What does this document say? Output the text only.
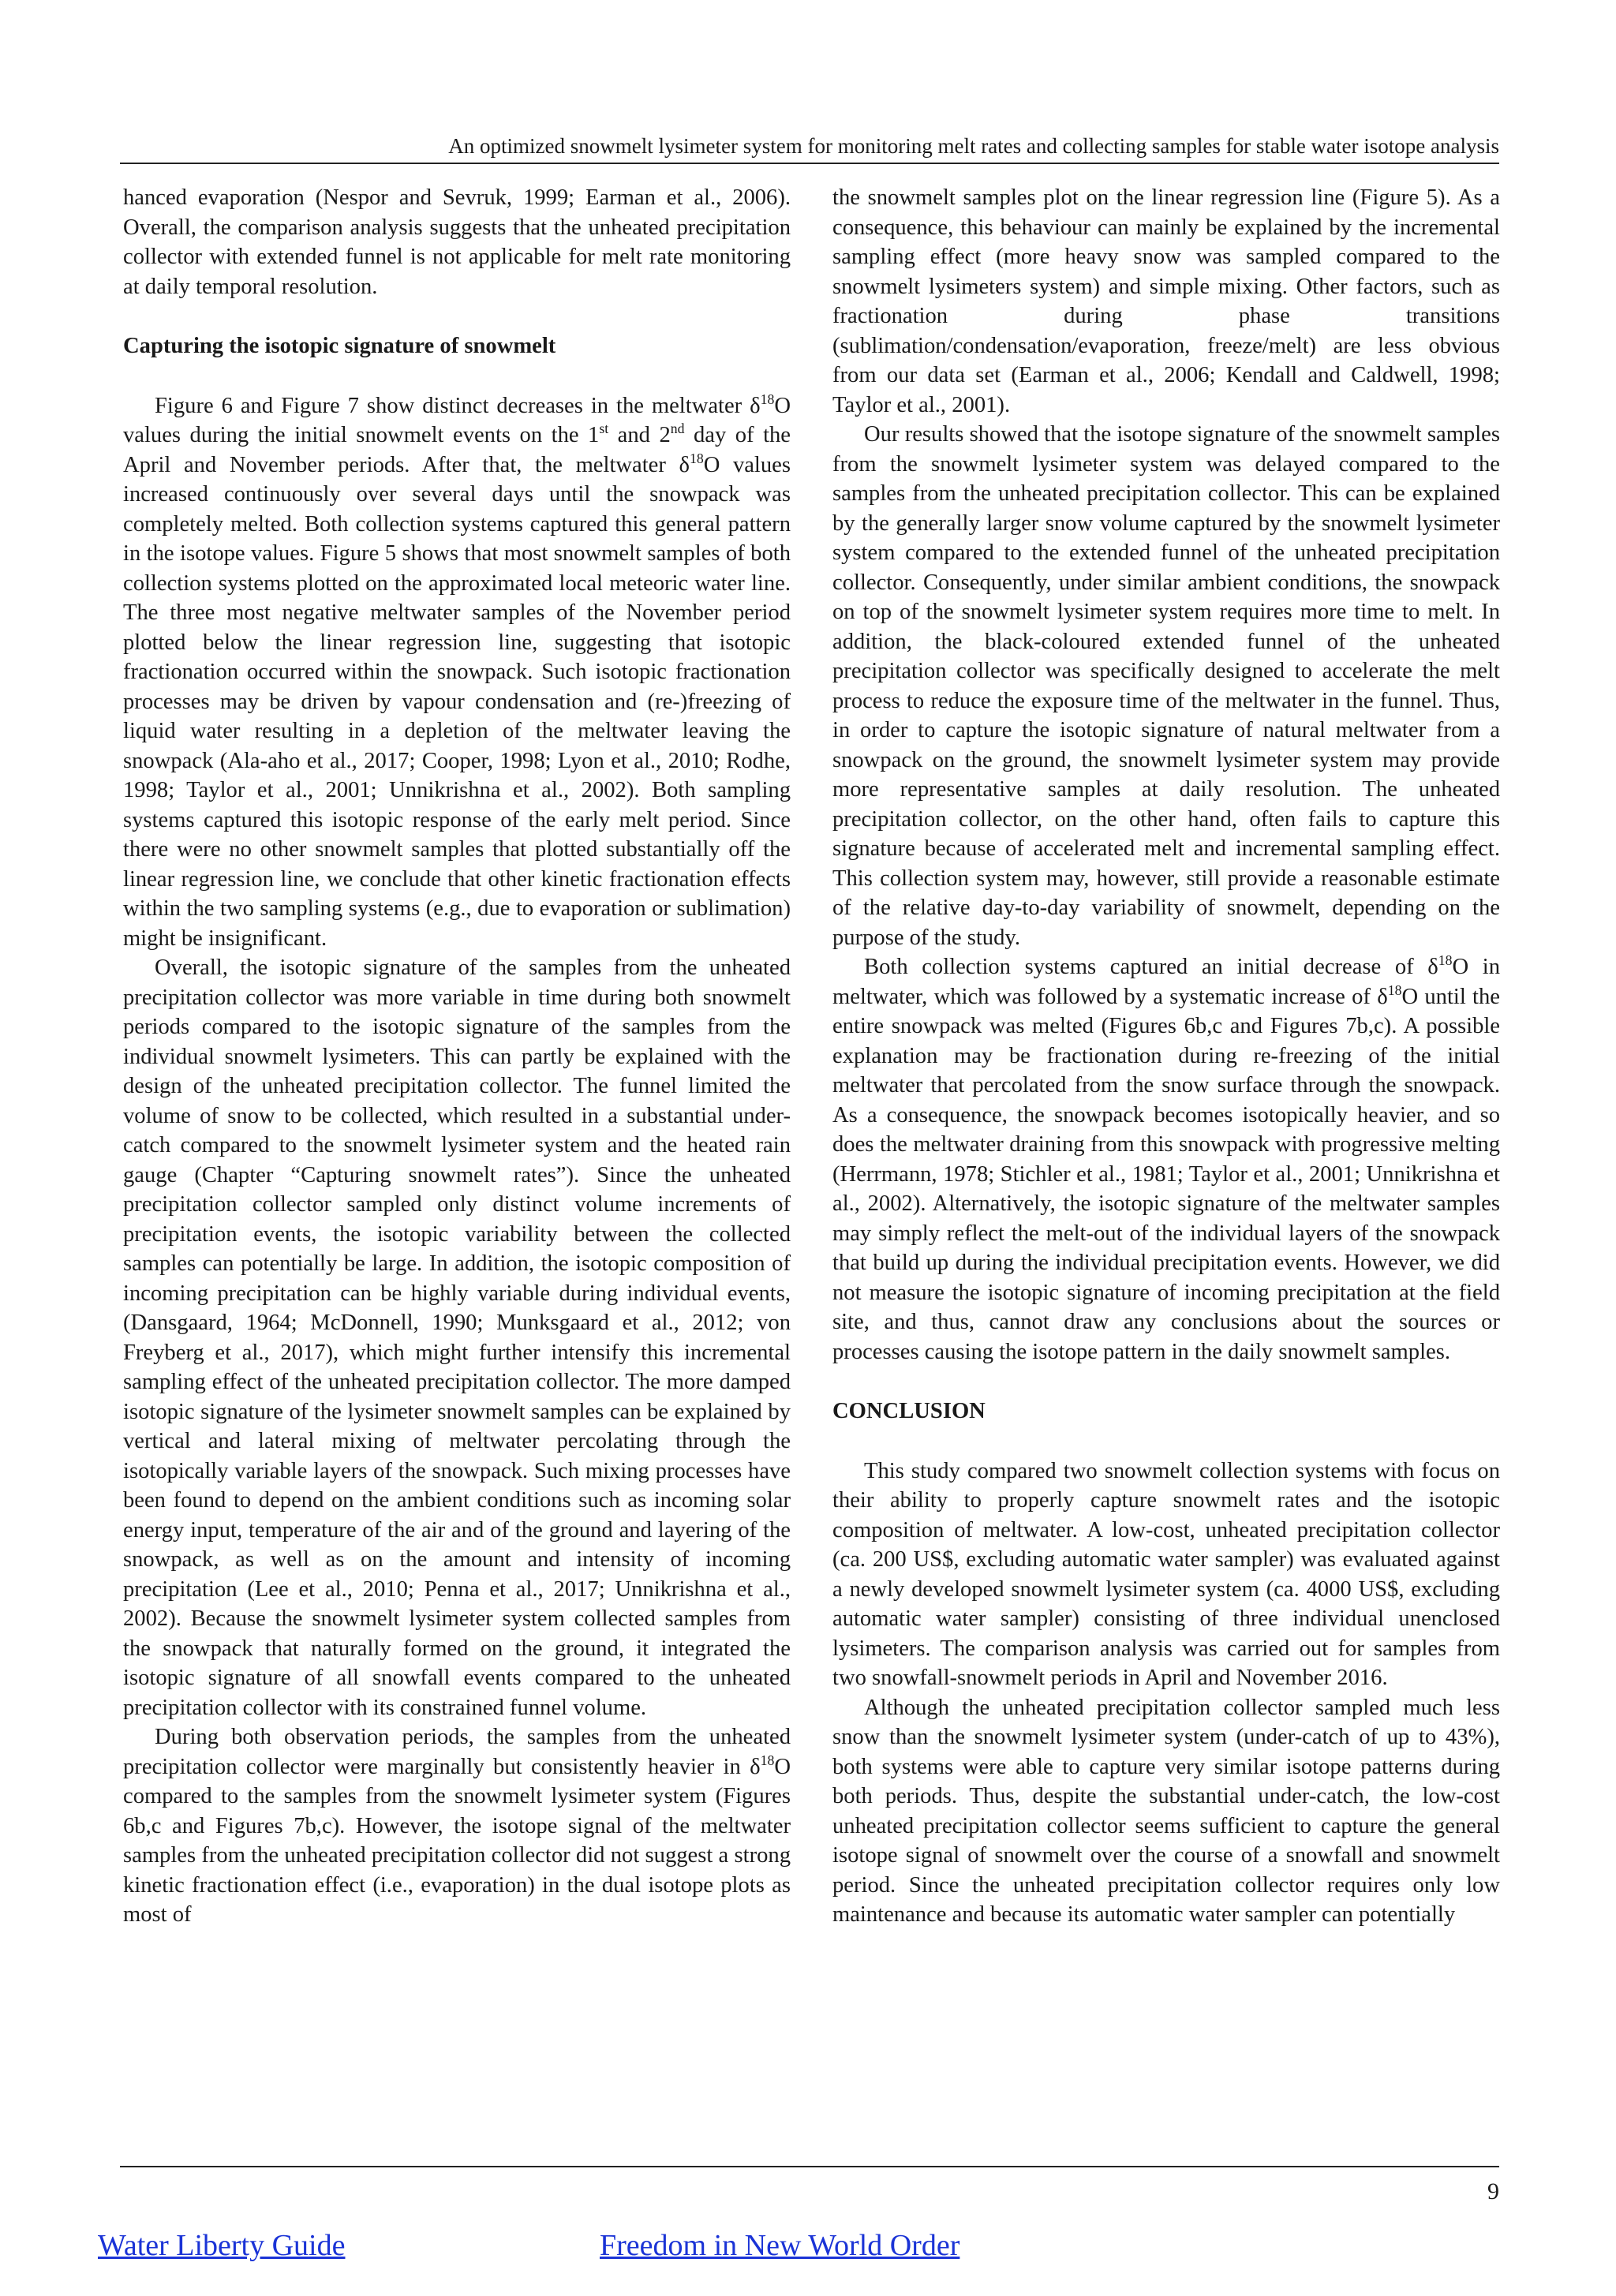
An optimized snowmelt lysimeter system for monitoring melt rates and collecting samples for stable water isotope analysis

hanced evaporation (Nespor and Sevruk, 1999; Earman et al., 2006). Overall, the comparison analysis suggests that the unheated precipitation collector with extended funnel is not applicable for melt rate monitoring at daily temporal resolution.

Capturing the isotopic signature of snowmelt

Figure 6 and Figure 7 show distinct decreases in the meltwater $\delta^{18}O$ values during the initial snowmelt events on the 1st and 2nd day of the April and November periods. After that, the meltwater $\delta^{18}O$ values increased continuously over several days until the snowpack was completely melted. Both collection systems captured this general pattern in the isotope values. Figure 5 shows that most snowmelt samples of both collection systems plotted on the approximated local meteoric water line. The three most negative meltwater samples of the November period plotted below the linear regression line, suggesting that isotopic fractionation occurred within the snowpack. Such isotopic fractionation processes may be driven by vapour condensation and (re-)freezing of liquid water resulting in a depletion of the meltwater leaving the snowpack (Ala-aho et al., 2017; Cooper, 1998; Lyon et al., 2010; Rodhe, 1998; Taylor et al., 2001; Unnikrishna et al., 2002). Both sampling systems captured this isotopic response of the early melt period. Since there were no other snowmelt samples that plotted substantially off the linear regression line, we conclude that other kinetic fractionation effects within the two sampling systems (e.g., due to evaporation or sublimation) might be insignificant.

Overall, the isotopic signature of the samples from the unheated precipitation collector was more variable in time during both snowmelt periods compared to the isotopic signature of the samples from the individual snowmelt lysimeters. This can partly be explained with the design of the unheated precipitation collector. The funnel limited the volume of snow to be collected, which resulted in a substantial under-catch compared to the snowmelt lysimeter system and the heated rain gauge (Chapter “Capturing snowmelt rates”). Since the unheated precipitation collector sampled only distinct volume increments of precipitation events, the isotopic variability between the collected samples can potentially be large. In addition, the isotopic composition of incoming precipitation can be highly variable during individual events, (Dansgaard, 1964; McDonnell, 1990; Munksgaard et al., 2012; von Freyberg et al., 2017), which might further intensify this incremental sampling effect of the unheated precipitation collector. The more damped isotopic signature of the lysimeter snowmelt samples can be explained by vertical and lateral mixing of meltwater percolating through the isotopically variable layers of the snowpack. Such mixing processes have been found to depend on the ambient conditions such as incoming solar energy input, temperature of the air and of the ground and layering of the snowpack, as well as on the amount and intensity of incoming precipitation (Lee et al., 2010; Penna et al., 2017; Unnikrishna et al., 2002). Because the snowmelt lysimeter system collected samples from the snowpack that naturally formed on the ground, it integrated the isotopic signature of all snowfall events compared to the unheated precipitation collector with its constrained funnel volume.

During both observation periods, the samples from the unheated precipitation collector were marginally but consistently heavier in $\delta^{18}O$ compared to the samples from the snowmelt lysimeter system (Figures 6b,c and Figures 7b,c). However, the isotope signal of the meltwater samples from the unheated precipitation collector did not suggest a strong kinetic fractionation effect (i.e., evaporation) in the dual isotope plots as most of

the snowmelt samples plot on the linear regression line (Figure 5). As a consequence, this behaviour can mainly be explained by the incremental sampling effect (more heavy snow was sampled compared to the snowmelt lysimeters system) and simple mixing. Other factors, such as fractionation during phase transitions (sublimation/condensation/evaporation, freeze/melt) are less obvious from our data set (Earman et al., 2006; Kendall and Caldwell, 1998; Taylor et al., 2001).

Our results showed that the isotope signature of the snowmelt samples from the snowmelt lysimeter system was delayed compared to the samples from the unheated precipitation collector. This can be explained by the generally larger snow volume captured by the snowmelt lysimeter system compared to the extended funnel of the unheated precipitation collector. Consequently, under similar ambient conditions, the snowpack on top of the snowmelt lysimeter system requires more time to melt. In addition, the black-coloured extended funnel of the unheated precipitation collector was specifically designed to accelerate the melt process to reduce the exposure time of the meltwater in the funnel. Thus, in order to capture the isotopic signature of natural meltwater from a snowpack on the ground, the snowmelt lysimeter system may provide more representative samples at daily resolution. The unheated precipitation collector, on the other hand, often fails to capture this signature because of accelerated melt and incremental sampling effect. This collection system may, however, still provide a reasonable estimate of the relative day-to-day variability of snowmelt, depending on the purpose of the study.

Both collection systems captured an initial decrease of $\delta^{18}O$ in meltwater, which was followed by a systematic increase of $\delta^{18}O$ until the entire snowpack was melted (Figures 6b,c and Figures 7b,c). A possible explanation may be fractionation during re-freezing of the initial meltwater that percolated from the snow surface through the snowpack. As a consequence, the snowpack becomes isotopically heavier, and so does the meltwater draining from this snowpack with progressive melting (Herrmann, 1978; Stichler et al., 1981; Taylor et al., 2001; Unnikrishna et al., 2002). Alternatively, the isotopic signature of the meltwater samples may simply reflect the melt-out of the individual layers of the snowpack that build up during the individual precipitation events. However, we did not measure the isotopic signature of incoming precipitation at the field site, and thus, cannot draw any conclusions about the sources or processes causing the isotope pattern in the daily snowmelt samples.

CONCLUSION

This study compared two snowmelt collection systems with focus on their ability to properly capture snowmelt rates and the isotopic composition of meltwater. A low-cost, unheated precipitation collector (ca. 200 US$, excluding automatic water sampler) was evaluated against a newly developed snowmelt lysimeter system (ca. 4000 US$, excluding automatic water sampler) consisting of three individual unenclosed lysimeters. The comparison analysis was carried out for samples from two snowfall-snowmelt periods in April and November 2016.

Although the unheated precipitation collector sampled much less snow than the snowmelt lysimeter system (under-catch of up to 43%), both systems were able to capture very similar isotope patterns during both periods. Thus, despite the substantial under-catch, the low-cost unheated precipitation collector seems sufficient to capture the general isotope signal of snowmelt over the course of a snowfall and snowmelt period. Since the unheated precipitation collector requires only low maintenance and because its automatic water sampler can potentially

9
Water Liberty Guide	Freedom in New World Order
